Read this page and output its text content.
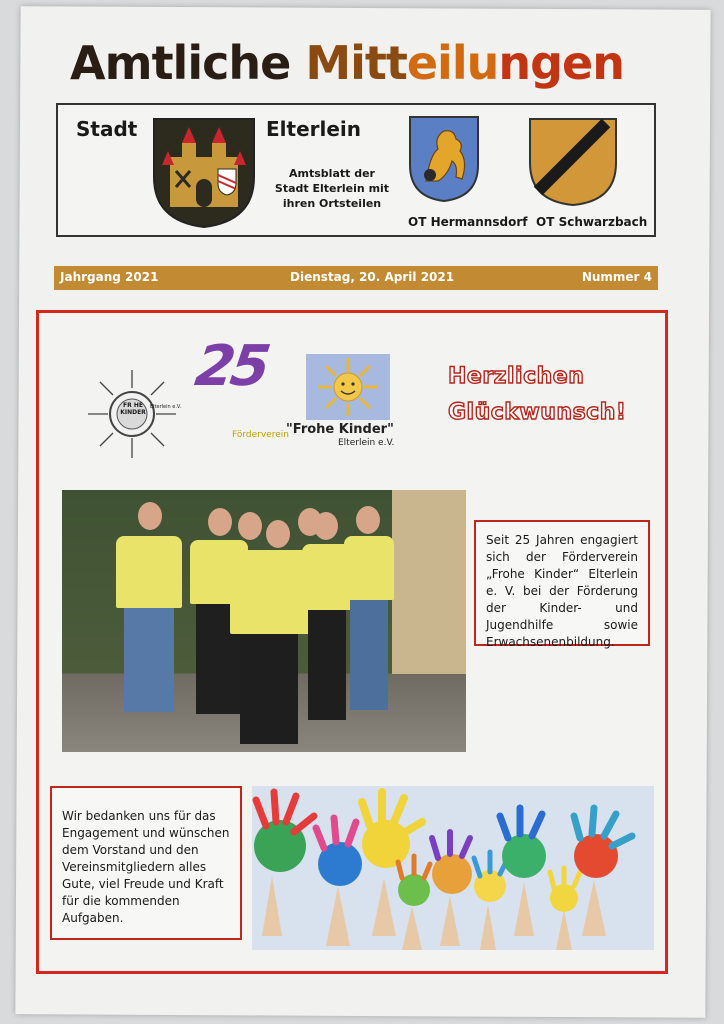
Amtliche Mitteilungen
Stadt	Elterlein
Amtsblatt der
Stadt Elterlein mit
ihren Ortsteilen
OT Hermannsdorf OT Schwarzbach
Jahrgang 2021	Dienstag, 20. April 2021	Nummer 4
FR HE KINDER
Elterlein e.V.
25
Förderverein
"Frohe Kinder"
Elterlein e.V.
Herzlichen
Glückwunsch!

Seit 25 Jahren engagiert sich der Förderverein „Frohe Kinder“ Elterlein e. V. bei der Förderung der Kinder- und Jugendhilfe sowie Erwachsenenbildung.

Wir bedanken uns für das Engagement und wünschen dem Vorstand und den Vereinsmitgliedern alles Gute, viel Freude und Kraft für die kommenden Aufgaben.
